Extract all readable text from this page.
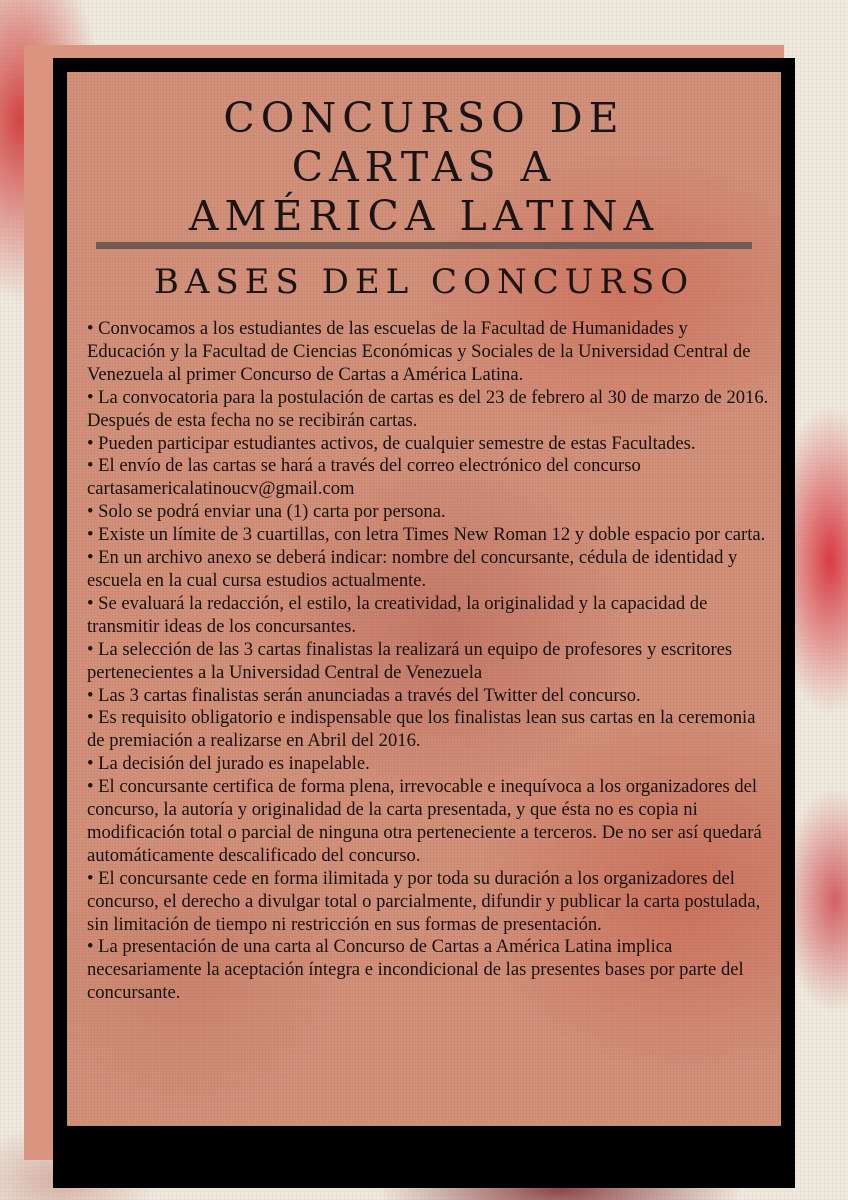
CONCURSO DE
CARTAS A
AMÉRICA LATINA
BASES DEL CONCURSO
• Convocamos a los estudiantes de las escuelas de la Facultad de Humanidades y Educación y la Facultad de Ciencias Económicas y Sociales de la Universidad Central de Venezuela al primer Concurso de Cartas a América Latina.
• La convocatoria para la postulación de cartas es del 23 de febrero al 30 de marzo de 2016. Después de esta fecha no se recibirán cartas.
• Pueden participar estudiantes activos, de cualquier semestre de estas Facultades.
• El envío de las cartas se hará a través del correo electrónico del concurso cartasamericalatinoucv@gmail.com
• Solo se podrá enviar una (1) carta por persona.
• Existe un límite de 3 cuartillas, con letra Times New Roman 12 y doble espacio por carta.
• En un archivo anexo se deberá indicar: nombre del concursante, cédula de identidad y escuela en la cual cursa estudios actualmente.
• Se evaluará la redacción, el estilo, la creatividad, la originalidad y la capacidad de transmitir ideas de los concursantes.
• La selección de las 3 cartas finalistas la realizará un equipo de profesores y escritores pertenecientes a la Universidad Central de Venezuela
• Las 3 cartas finalistas serán anunciadas a través del Twitter del concurso.
• Es requisito obligatorio e indispensable que los finalistas lean sus cartas en la ceremonia de premiación a realizarse en Abril del 2016.
• La decisión del jurado es inapelable.
• El concursante certifica de forma plena, irrevocable e inequívoca a los organizadores del concurso, la autoría y originalidad de la carta presentada, y que ésta no es copia ni modificación total o parcial de ninguna otra perteneciente a terceros. De no ser así quedará automáticamente descalificado del concurso.
• El concursante cede en forma ilimitada y por toda su duración a los organizadores del concurso, el derecho a divulgar total o parcialmente, difundir y publicar la carta postulada, sin limitación de tiempo ni restricción en sus formas de presentación.
• La presentación de una carta al Concurso de Cartas a América Latina implica necesariamente la aceptación íntegra e incondicional de las presentes bases por parte del concursante.
